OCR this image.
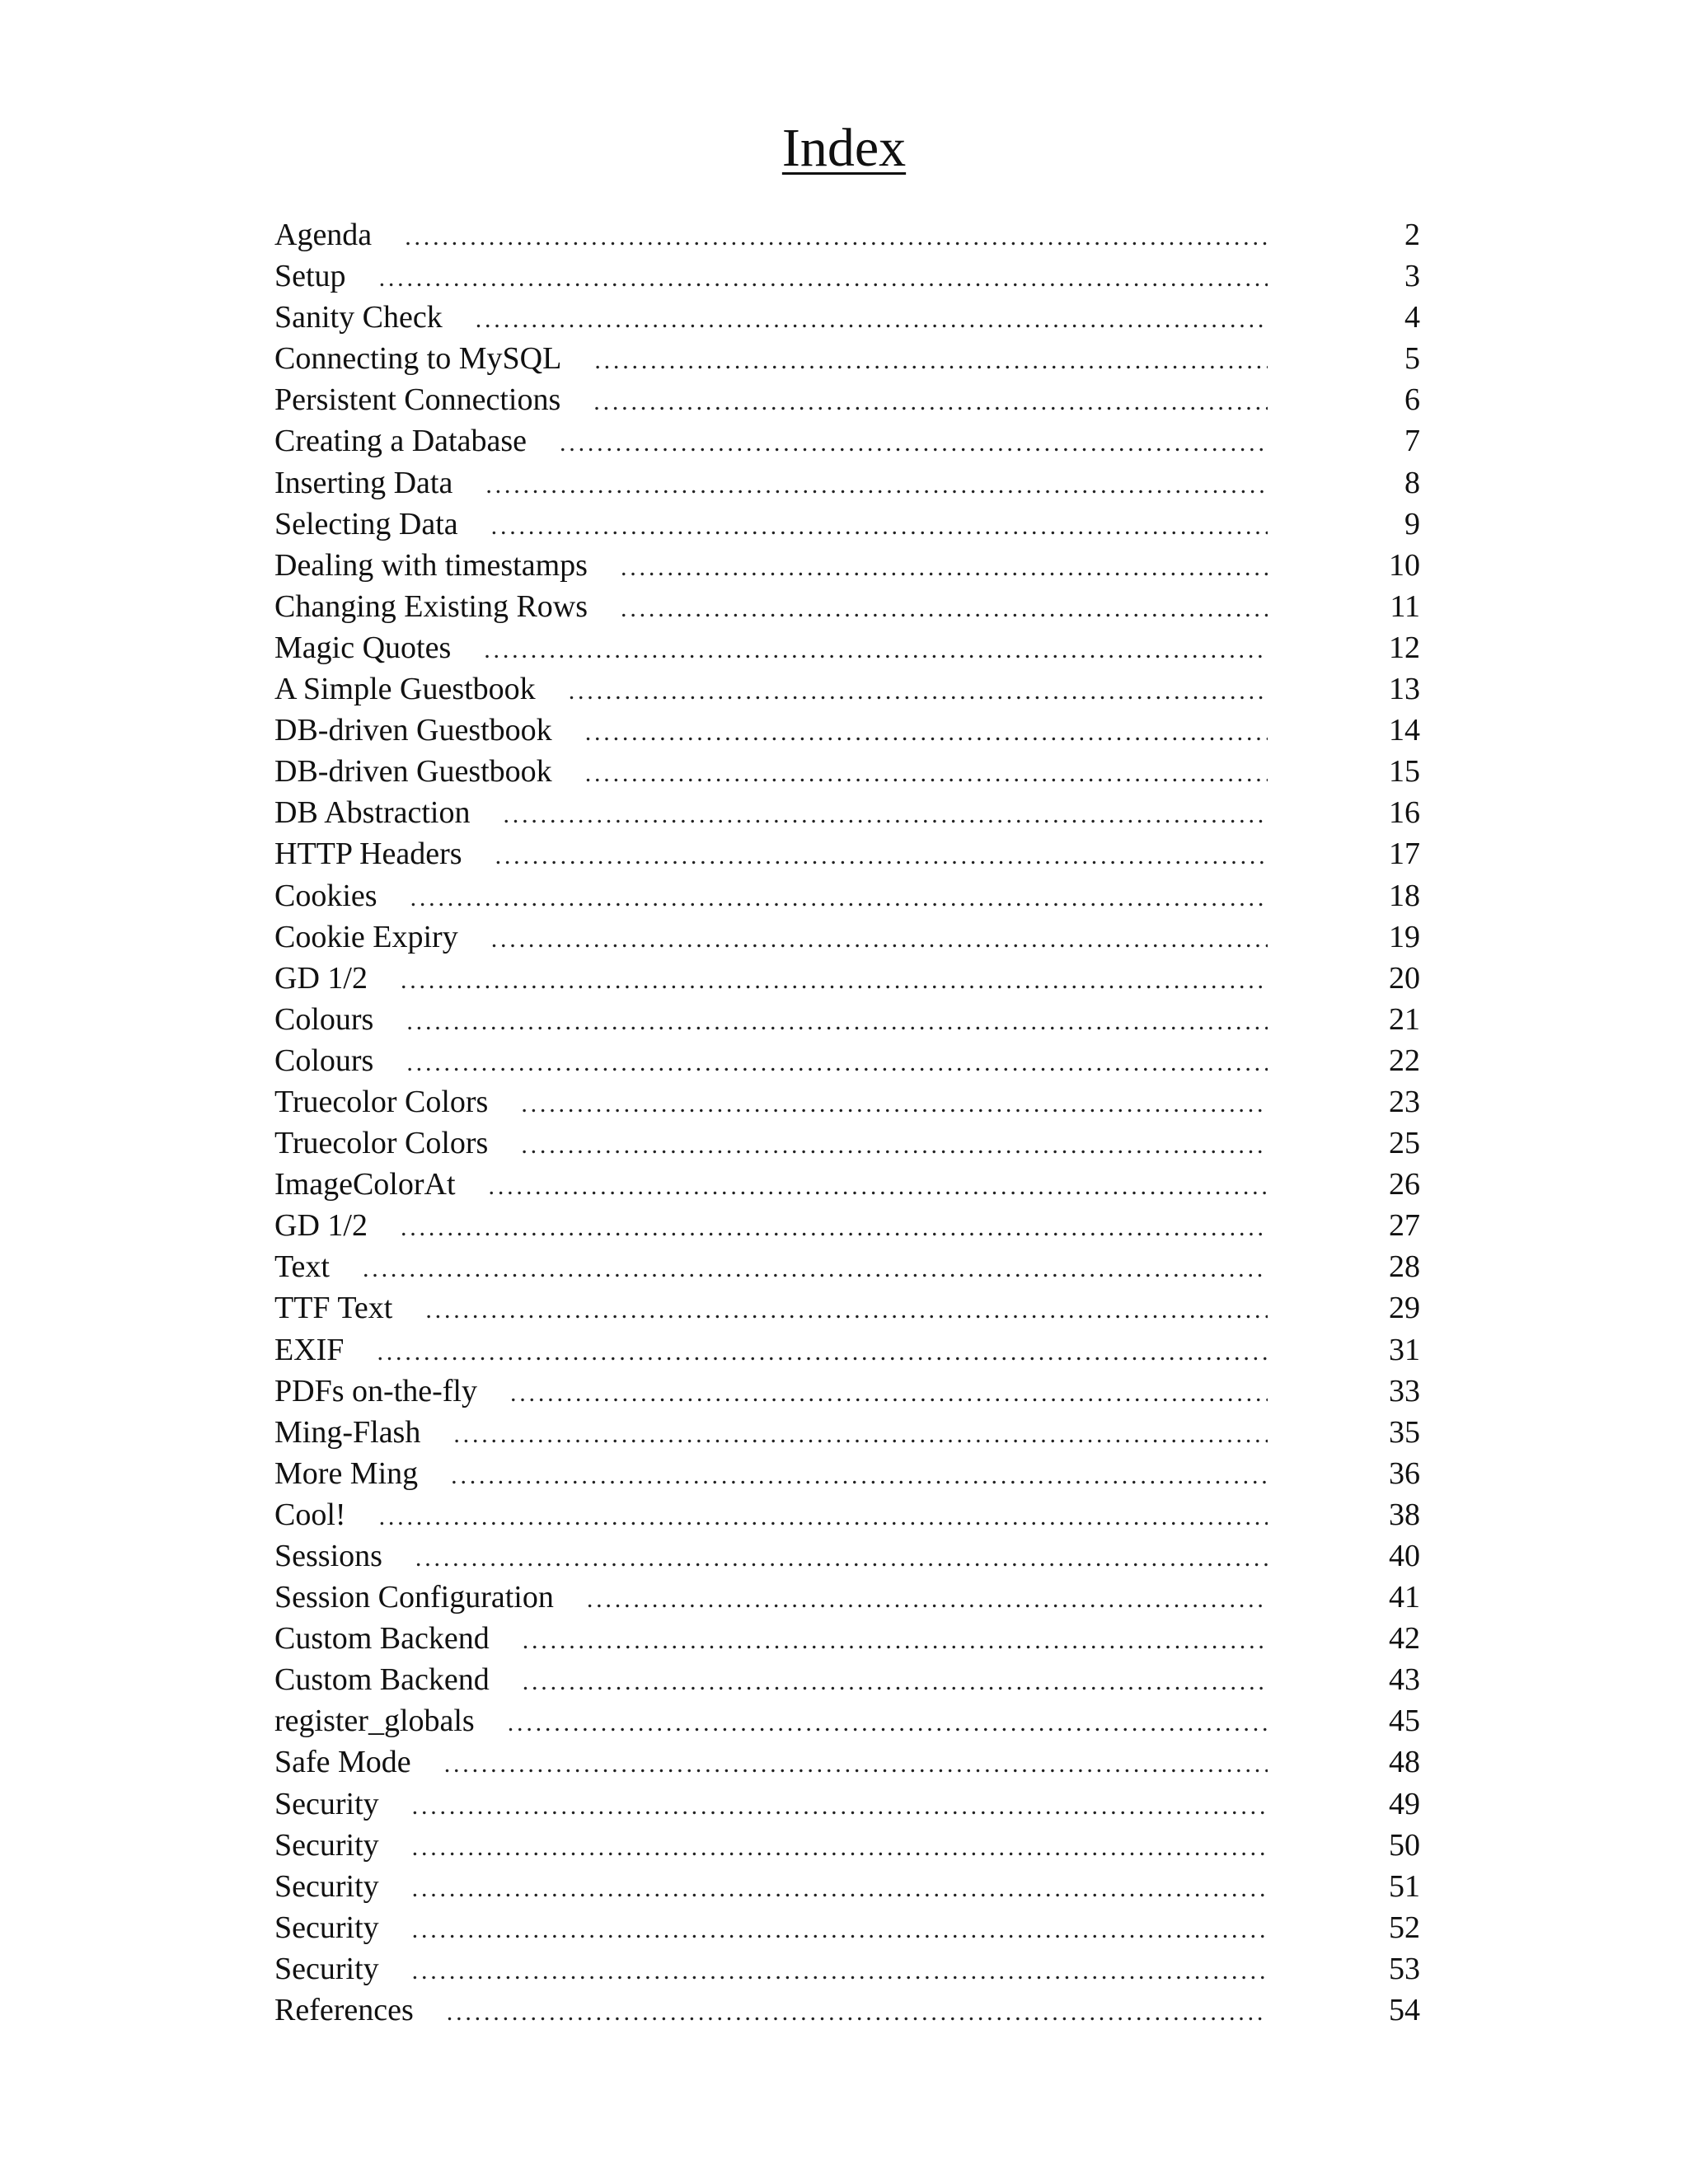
Index
Agenda .....	2
Setup .....	3
Sanity Check .....	4
Connecting to MySQL .....	5
Persistent Connections .....	6
Creating a Database .....	7
Inserting Data .....	8
Selecting Data .....	9
Dealing with timestamps .....	10
Changing Existing Rows .....	11
Magic Quotes .....	12
A Simple Guestbook .....	13
DB-driven Guestbook .....	14
DB-driven Guestbook .....	15
DB Abstraction .....	16
HTTP Headers .....	17
Cookies .....	18
Cookie Expiry .....	19
GD 1/2 .....	20
Colours .....	21
Colours .....	22
Truecolor Colors .....	23
Truecolor Colors .....	25
ImageColorAt .....	26
GD 1/2 .....	27
Text .....	28
TTF Text .....	29
EXIF .....	31
PDFs on-the-fly .....	33
Ming-Flash .....	35
More Ming .....	36
Cool! .....	38
Sessions .....	40
Session Configuration .....	41
Custom Backend .....	42
Custom Backend .....	43
register_globals .....	45
Safe Mode .....	48
Security .....	49
Security .....	50
Security .....	51
Security .....	52
Security .....	53
References .....	54
